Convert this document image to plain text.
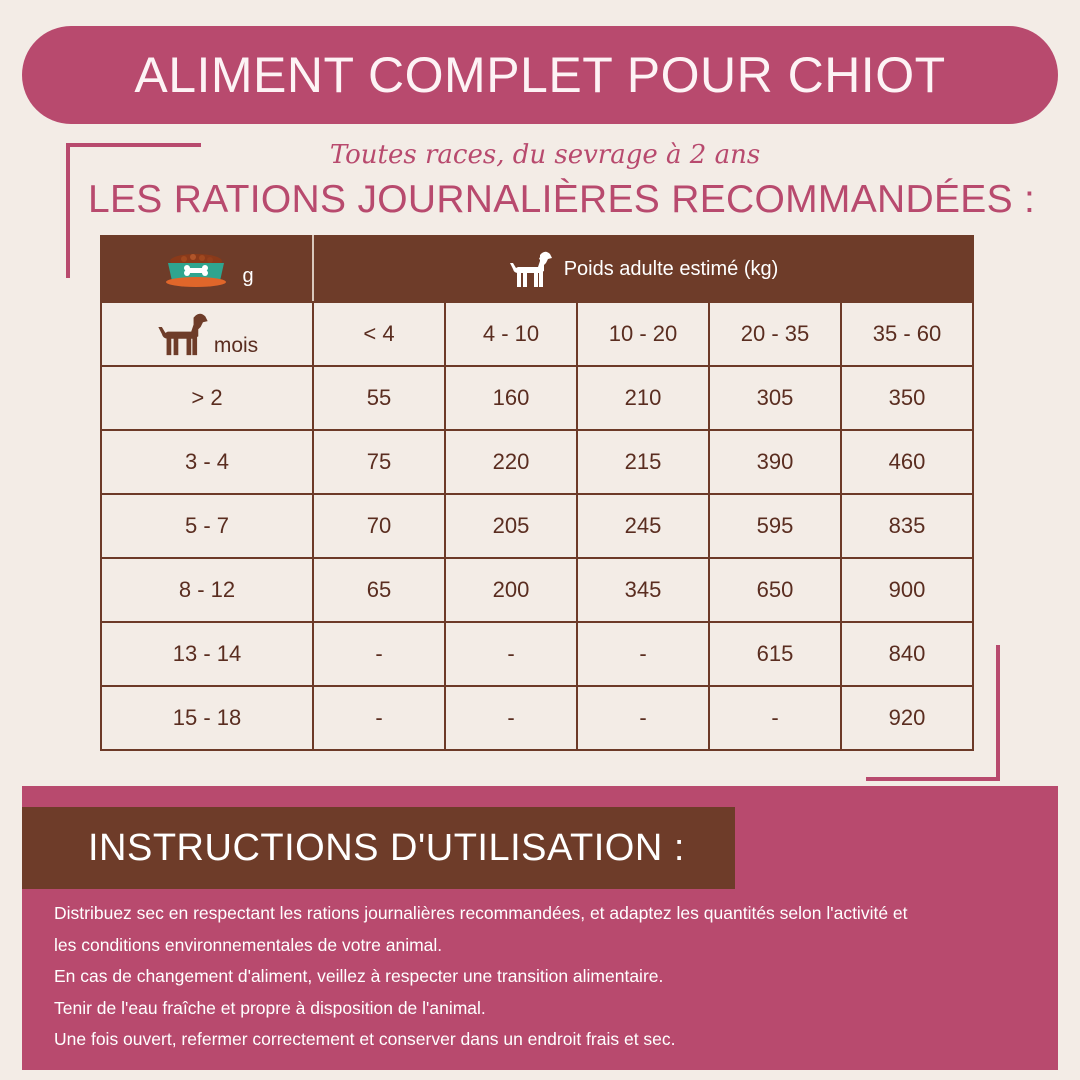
ALIMENT COMPLET POUR CHIOT
Toutes races, du sevrage à 2 ans
LES RATIONS JOURNALIÈRES RECOMMANDÉES :
g	Poids adulte estimé (kg)				

mois	< 4	4 - 10	10 - 20	20 - 35	35 - 60
> 2	55	160	210	305	350
3 - 4	75	220	215	390	460
5 - 7	70	205	245	595	835
8 - 12	65	200	345	650	900
13 - 14	-	-	-	615	840
15 - 18	-	-	-	-	920
INSTRUCTIONS D'UTILISATION :
Distribuez sec en respectant les rations journalières recommandées, et adaptez les quantités selon l'activité et
les conditions environnementales de votre animal.
En cas de changement d'aliment, veillez à respecter une transition alimentaire.
Tenir de l'eau fraîche et propre à disposition de l'animal.
Une fois ouvert, refermer correctement et conserver dans un endroit frais et sec.
